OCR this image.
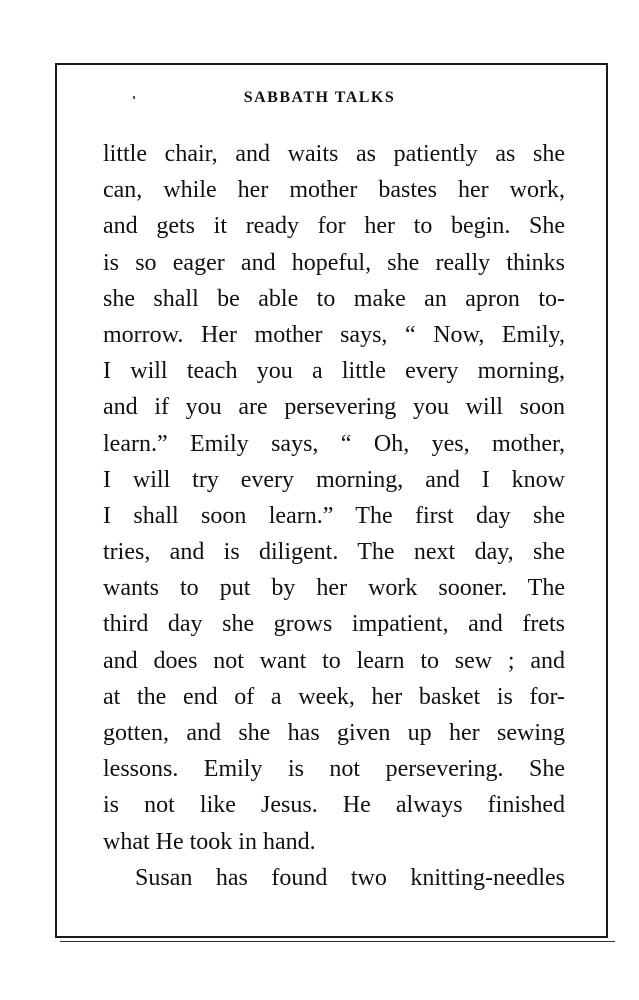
SABBATH TALKS
little chair, and waits as patiently as she
can, while her mother bastes her work,
and gets it ready for her to begin. She
is so eager and hopeful, she really thinks
she shall be able to make an apron to-
morrow. Her mother says, “ Now, Emily,
I will teach you a little every morning,
and if you are persevering you will soon
learn.” Emily says, “ Oh, yes, mother,
I will try every morning, and I know
I shall soon learn.” The first day she
tries, and is diligent. The next day, she
wants to put by her work sooner. The
third day she grows impatient, and frets
and does not want to learn to sew ; and
at the end of a week, her basket is for-
gotten, and she has given up her sewing
lessons. Emily is not persevering. She
is not like Jesus. He always finished
what He took in hand.
Susan has found two knitting-needles
